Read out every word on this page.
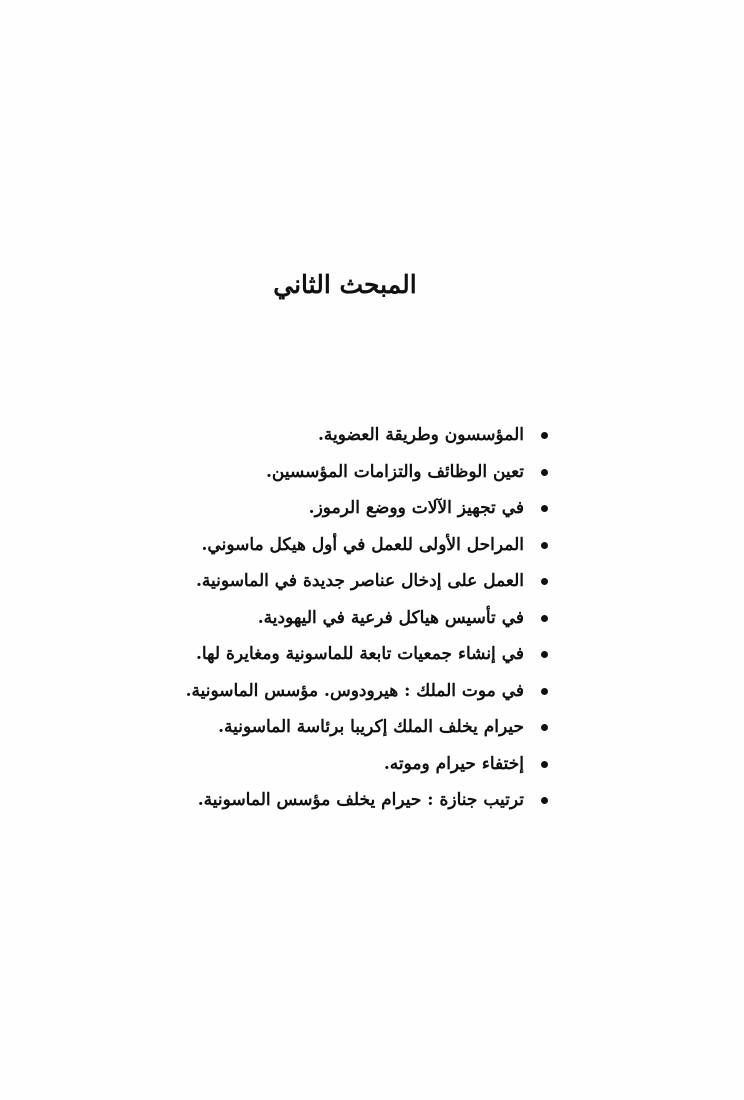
المبحث الثاني
المؤسسون وطريقة العضوية.
تعين الوظائف والتزامات المؤسسين.
في تجهيز الآلات ووضع الرموز.
المراحل الأولى للعمل في أول هيكل ماسوني.
العمل على إدخال عناصر جديدة في الماسونية.
في تأسيس هياكل فرعية في اليهودية.
في إنشاء جمعيات تابعة للماسونية ومغايرة لها.
في موت الملك : هيرودوس. مؤسس الماسونية.
حيرام يخلف الملك إكريبا برئاسة الماسونية.
إختفاء حيرام وموته.
ترتيب جنازة : حيرام يخلف مؤسس الماسونية.
